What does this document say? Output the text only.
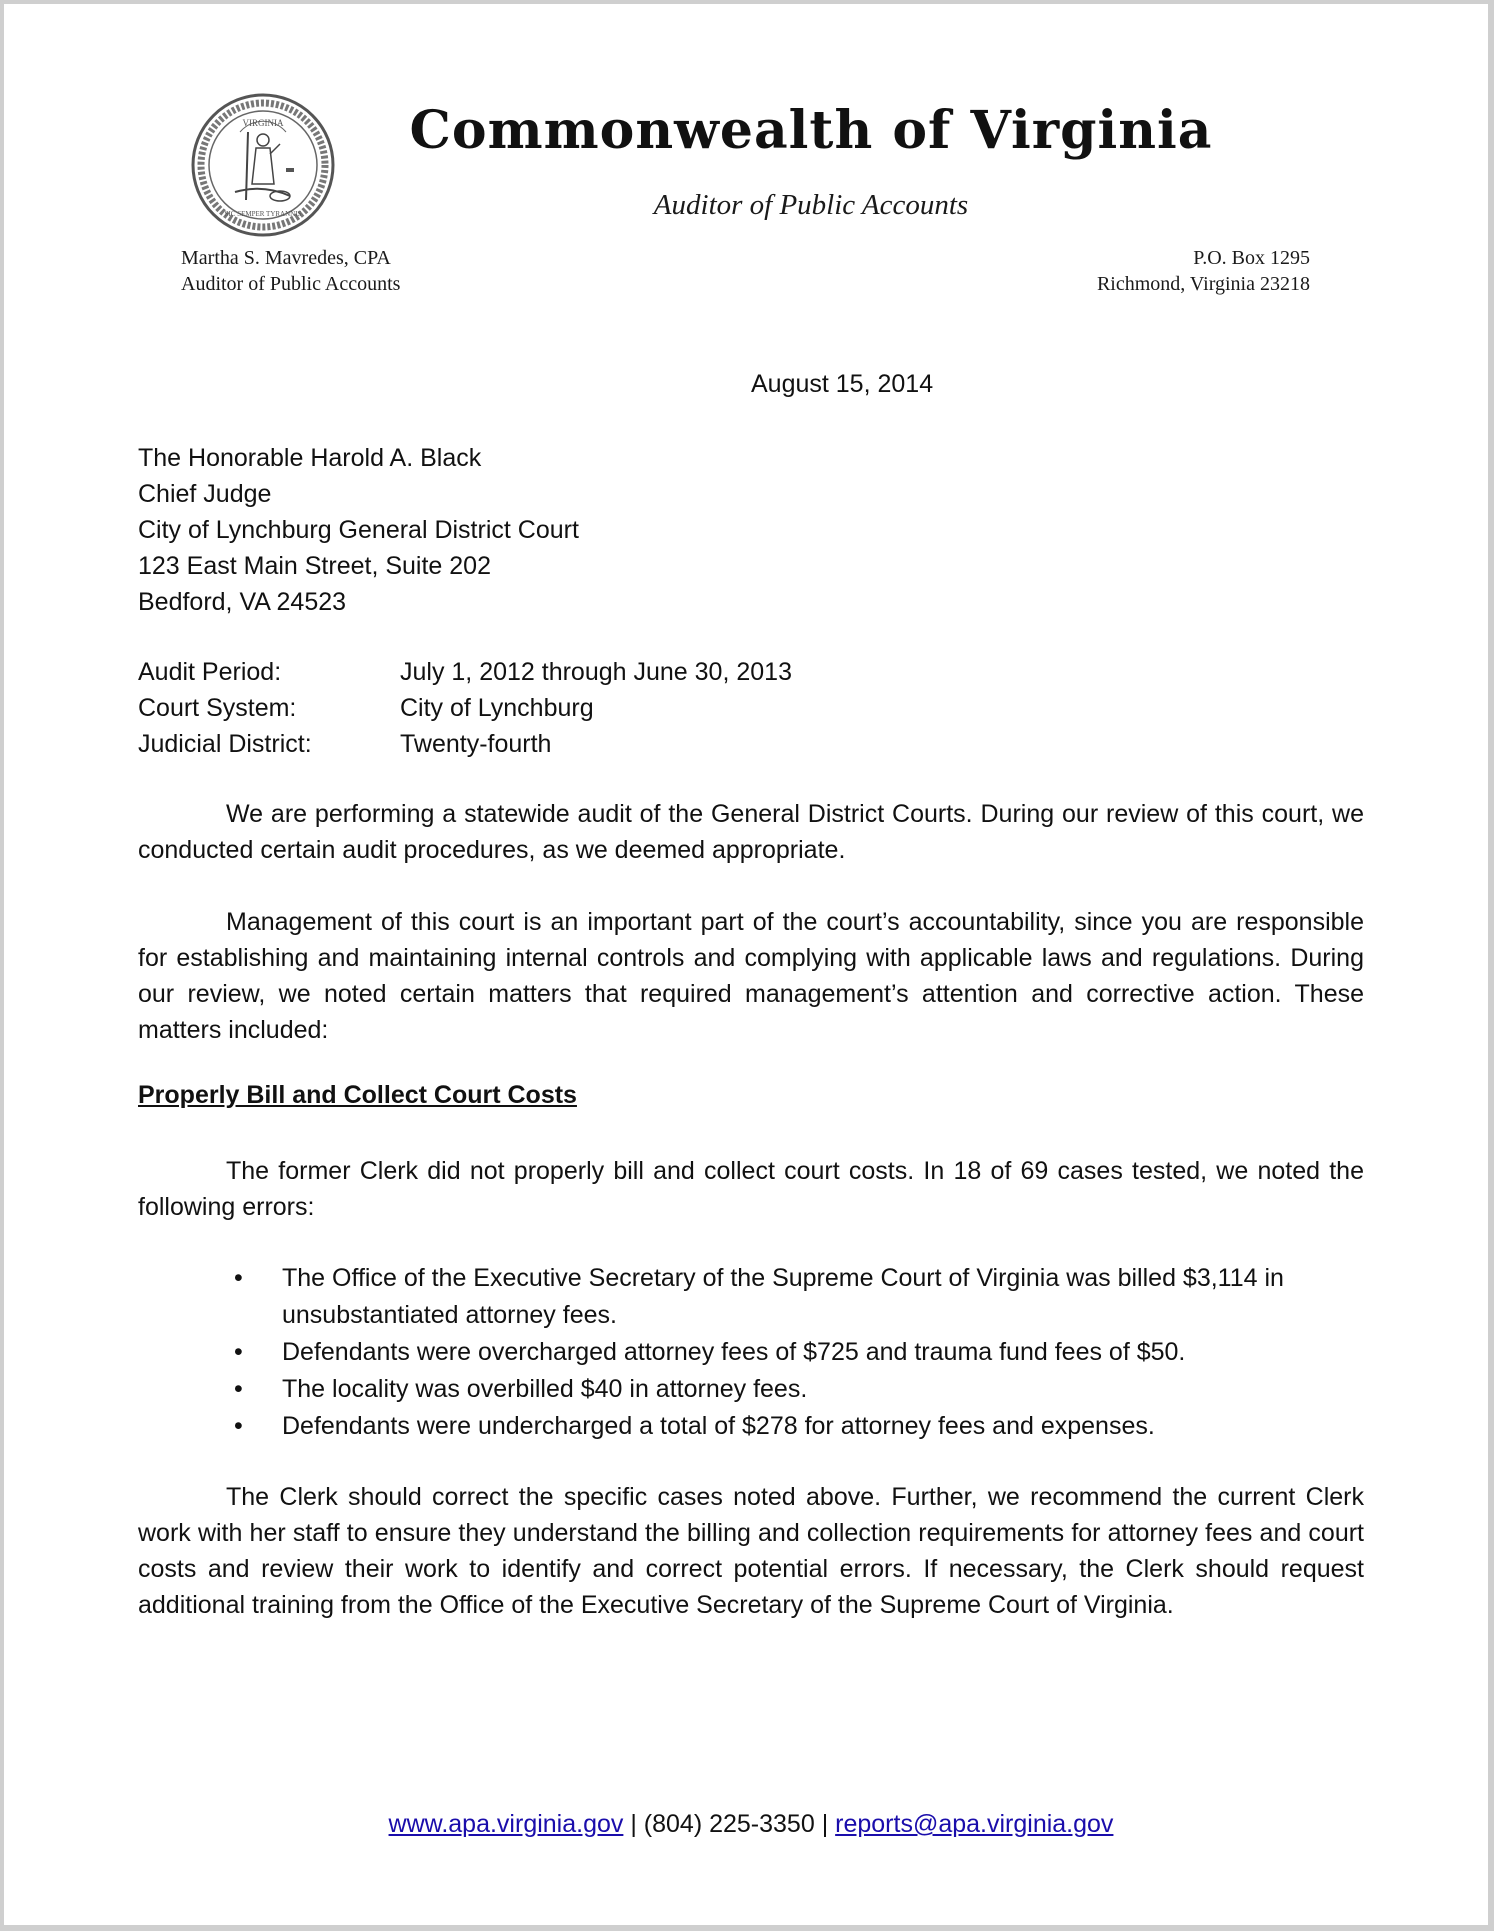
VIRGINIA
SIC SEMPER TYRANNIS
Commonwealth of Virginia
Auditor of Public Accounts
Martha S. Mavredes, CPA
Auditor of Public Accounts
P.O. Box 1295
Richmond, Virginia 23218
August 15, 2014
The Honorable Harold A. Black
Chief Judge
City of Lynchburg General District Court
123 East Main Street, Suite 202
Bedford, VA 24523
Audit Period:	July 1, 2012 through June 30, 2013
Court System:	City of Lynchburg
Judicial District:	Twenty-fourth
We are performing a statewide audit of the General District Courts. During our review of this court, we conducted certain audit procedures, as we deemed appropriate.
Management of this court is an important part of the court’s accountability, since you are responsible for establishing and maintaining internal controls and complying with applicable laws and regulations. During our review, we noted certain matters that required management’s attention and corrective action. These matters included:
Properly Bill and Collect Court Costs
The former Clerk did not properly bill and collect court costs. In 18 of 69 cases tested, we noted the following errors:
• The Office of the Executive Secretary of the Supreme Court of Virginia was billed $3,114 in unsubstantiated attorney fees.
• Defendants were overcharged attorney fees of $725 and trauma fund fees of $50.
• The locality was overbilled $40 in attorney fees.
• Defendants were undercharged a total of $278 for attorney fees and expenses.
The Clerk should correct the specific cases noted above. Further, we recommend the current Clerk work with her staff to ensure they understand the billing and collection requirements for attorney fees and court costs and review their work to identify and correct potential errors. If necessary, the Clerk should request additional training from the Office of the Executive Secretary of the Supreme Court of Virginia.
www.apa.virginia.gov | (804) 225-3350 | reports@apa.virginia.gov
